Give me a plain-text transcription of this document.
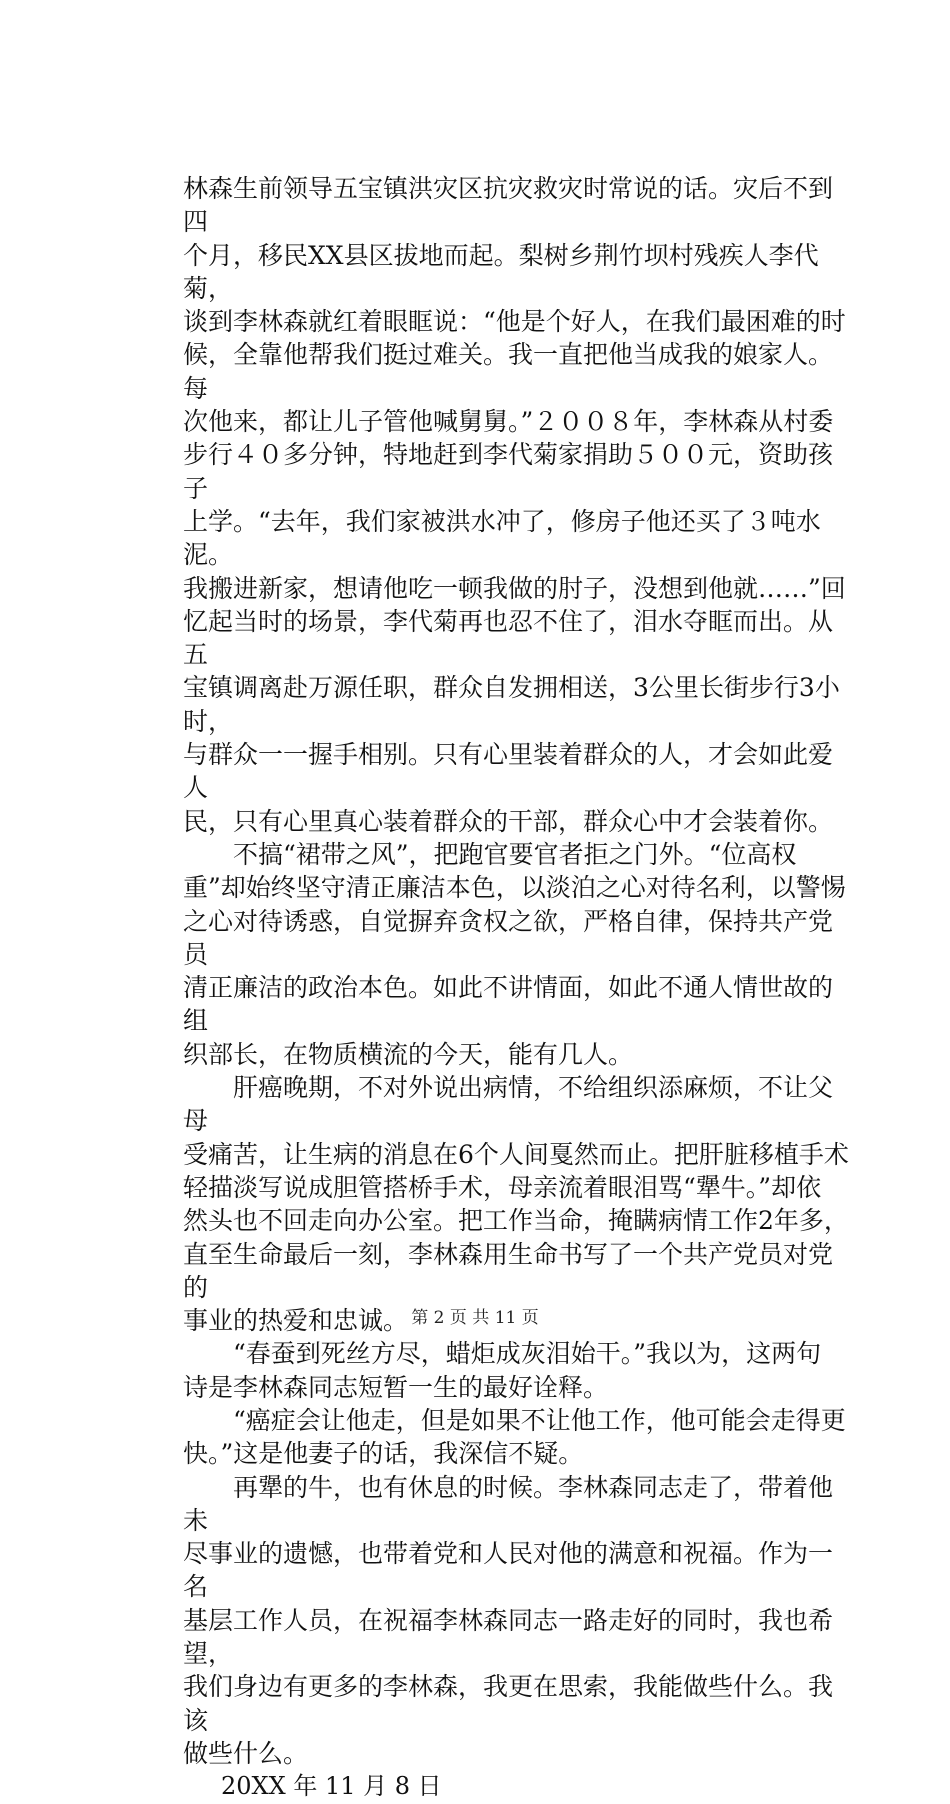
林森生前领导五宝镇洪灾区抗灾救灾时常说的话。灾后不到四
个月，移民XX县区拔地而起。梨树乡荆竹坝村残疾人李代菊，
谈到李林森就红着眼眶说：“他是个好人，在我们最困难的时
候，全靠他帮我们挺过难关。我一直把他当成我的娘家人。每
次他来，都让儿子管他喊舅舅。”２００８年，李林森从村委
步行４０多分钟，特地赶到李代菊家捐助５００元，资助孩子
上学。“去年，我们家被洪水冲了，修房子他还买了３吨水泥。
我搬进新家，想请他吃一顿我做的肘子，没想到他就……”回
忆起当时的场景，李代菊再也忍不住了，泪水夺眶而出。从五
宝镇调离赴万源任职，群众自发拥相送，3公里长街步行3小时，
与群众一一握手相别。只有心里装着群众的人，才会如此爱人
民，只有心里真心装着群众的干部，群众心中才会装着你。

　　不搞“裙带之风”，把跑官要官者拒之门外。“位高权
重”却始终坚守清正廉洁本色，以淡泊之心对待名利，以警惕
之心对待诱惑，自觉摒弃贪权之欲，严格自律，保持共产党员
清正廉洁的政治本色。如此不讲情面，如此不通人情世故的组
织部长，在物质横流的今天，能有几人。

　　肝癌晚期，不对外说出病情，不给组织添麻烦，不让父母
受痛苦，让生病的消息在6个人间戛然而止。把肝脏移植手术
轻描淡写说成胆管搭桥手术，母亲流着眼泪骂“犟牛。”却依
然头也不回走向办公室。把工作当命，掩瞒病情工作2年多，
直至生命最后一刻，李林森用生命书写了一个共产党员对党的
事业的热爱和忠诚。

　　“春蚕到死丝方尽，蜡炬成灰泪始干。”我以为，这两句
诗是李林森同志短暂一生的最好诠释。

　　“癌症会让他走，但是如果不让他工作，他可能会走得更
快。”这是他妻子的话，我深信不疑。

　　再犟的牛，也有休息的时候。李林森同志走了，带着他未
尽事业的遗憾，也带着党和人民对他的满意和祝福。作为一名
基层工作人员，在祝福李林森同志一路走好的同时，我也希望，
我们身边有更多的李林森，我更在思索，我能做些什么。我该
做些什么。

20XX 年 11 月 8 日

第 2 页 共 11 页
